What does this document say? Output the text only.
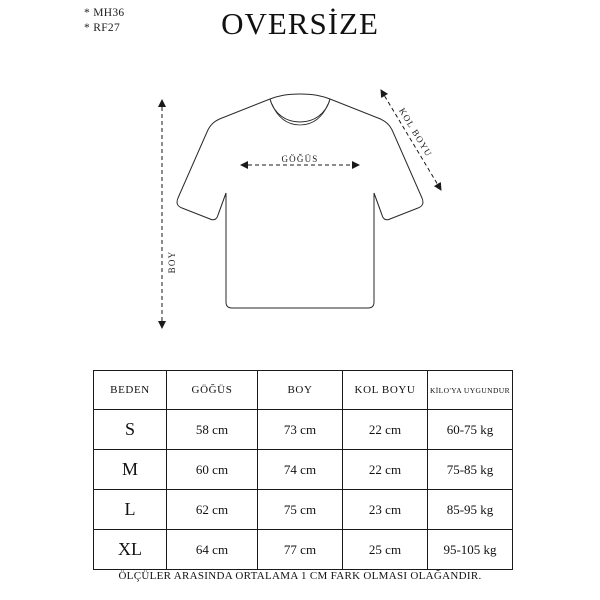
* MH36
* RF27	OVERSİZE
GÖĞÜS
BOY
KOL BOYU
BEDEN	GÖĞÜS	BOY	KOL BOYU	KİLO'YA UYGUNDUR
S	58 cm	73 cm	22 cm	60-75 kg
M	60 cm	74 cm	22 cm	75-85 kg
L	62 cm	75 cm	23 cm	85-95 kg
XL	64 cm	77 cm	25 cm	95-105 kg
ÖLÇÜLER ARASINDA ORTALAMA 1 CM FARK OLMASI OLAĞANDIR.
